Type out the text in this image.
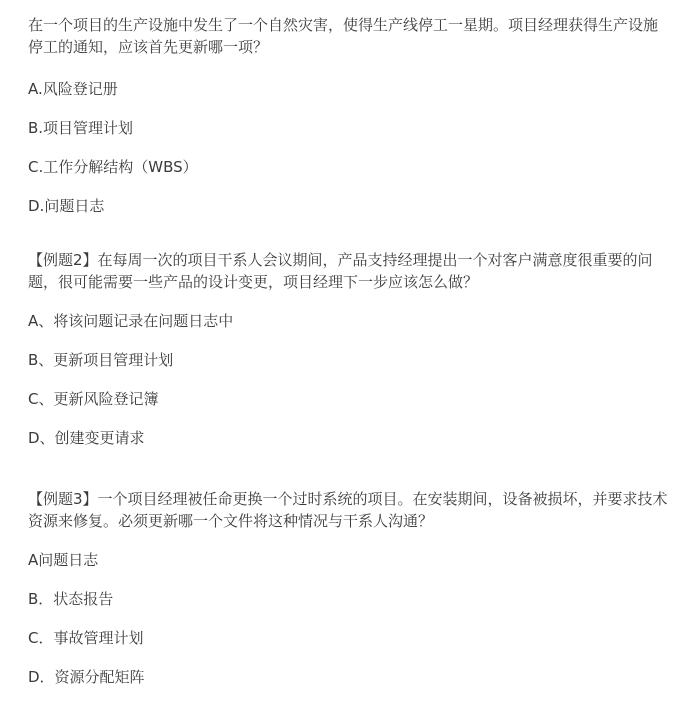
在一个项目的生产设施中发生了一个自然灾害，使得生产线停工一星期。项目经理获得生产设施停工的通知，应该首先更新哪一项？

A.风险登记册

B.项目管理计划

C.工作分解结构（WBS）

D.问题日志

【例题2】在每周一次的项目干系人会议期间，产品支持经理提出一个对客户满意度很重要的问题，很可能需要一些产品的设计变更，项目经理下一步应该怎么做？

A、将该问题记录在问题日志中

B、更新项目管理计划

C、更新风险登记簿

D、创建变更请求

【例题3】一个项目经理被任命更换一个过时系统的项目。在安装期间，设备被损坏，并要求技术资源来修复。必须更新哪一个文件将这种情况与干系人沟通？

A问题日志

B．状态报告

C．事故管理计划

D．资源分配矩阵
